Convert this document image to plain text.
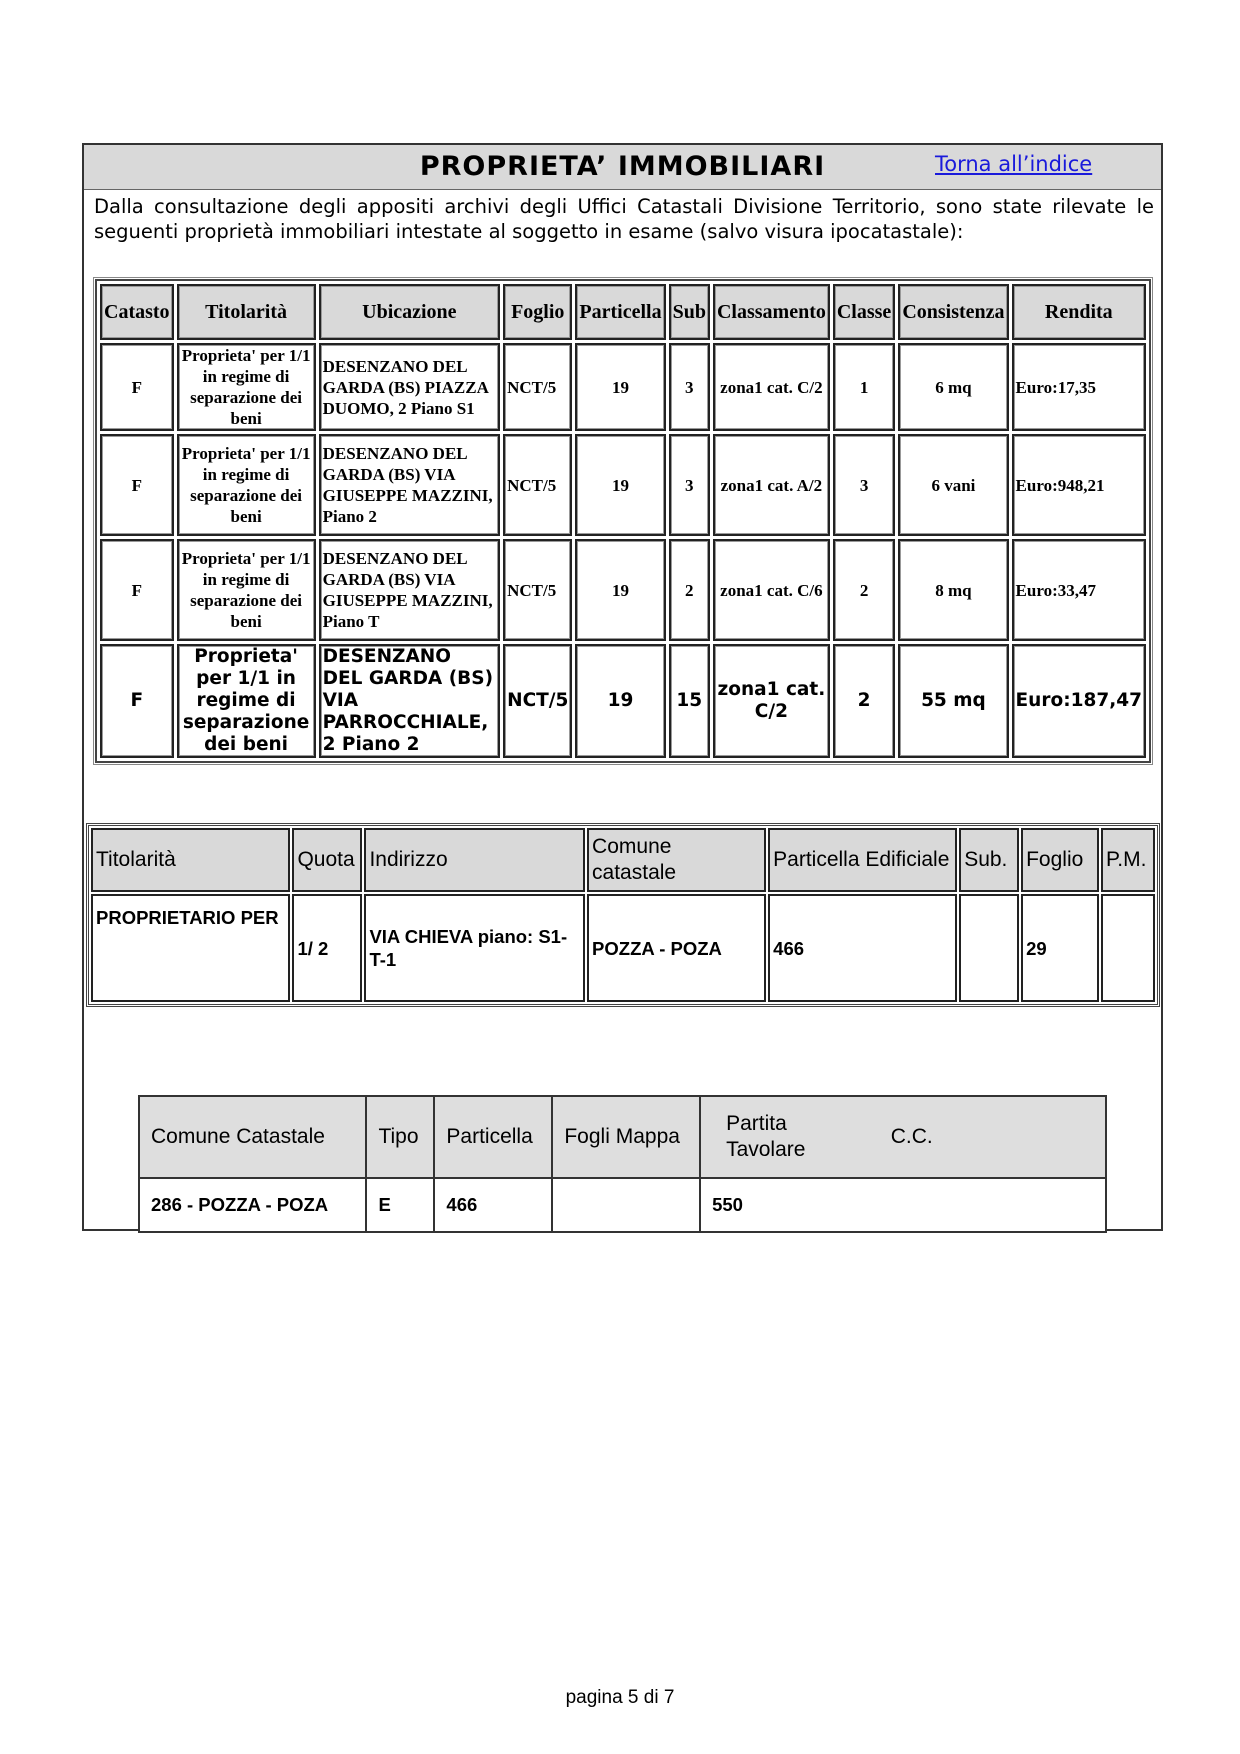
PROPRIETA’ IMMOBILIARI	Torna all’indice
Dalla consultazione degli appositi archivi degli Uffici Catastali Divisione Territorio, sono state rilevate le seguenti proprietà immobiliari intestate al soggetto in esame (salvo visura ipocatastale):
Catasto	Titolarità	Ubicazione	Foglio	Particella	Sub	Classamento	Classe	Consistenza	Rendita
F	Proprieta' per 1/1 in regime di separazione dei beni	DESENZANO DEL GARDA (BS) PIAZZA DUOMO, 2 Piano S1	NCT/5	19	3	zona1 cat. C/2	1	6 mq	Euro:17,35
F	Proprieta' per 1/1 in regime di separazione dei beni	DESENZANO DEL GARDA (BS) VIA GIUSEPPE MAZZINI, Piano 2	NCT/5	19	3	zona1 cat. A/2	3	6 vani	Euro:948,21
F	Proprieta' per 1/1 in regime di separazione dei beni	DESENZANO DEL GARDA (BS) VIA GIUSEPPE MAZZINI, Piano T	NCT/5	19	2	zona1 cat. C/6	2	8 mq	Euro:33,47
F	Proprieta' per 1/1 in regime di separazione dei beni	DESENZANO DEL GARDA (BS) VIA PARROCCHIALE, 2 Piano 2	NCT/5	19	15	zona1 cat. C/2	2	55 mq	Euro:187,47
Titolarità	Quota	Indirizzo	Comune catastale	Particella Edificiale	Sub.	Foglio	P.M.
PROPRIETARIO PER	1/ 2	VIA CHIEVA piano: S1-T-1	POZZA - POZA	466		29	
Comune Catastale	Tipo	Particella	Fogli Mappa	Partita Tavolare	C.C.
286 - POZZA - POZA	E	466		550	
pagina 5 di 7
